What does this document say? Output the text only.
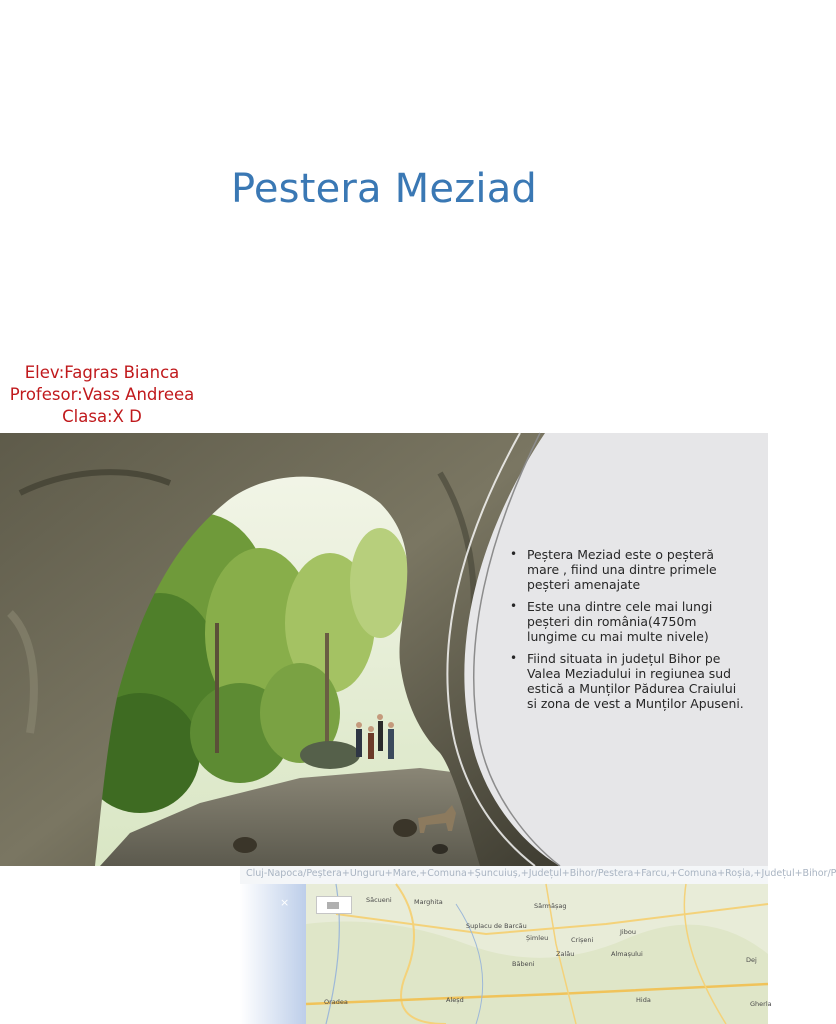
Pestera Meziad
Elev:Fagras Bianca
Profesor:Vass Andreea
Clasa:X D
• Peștera Meziad este o peșteră mare , fiind una dintre primele peșteri amenajate
• Este una dintre cele mai lungi peșteri din românia(4750m lungime cu mai multe nivele)
• Fiind situata in județul Bihor pe Valea Meziadului in regiunea sud estică a Munților Pădurea Craiului si zona de vest a Munților Apuseni.
Cluj-Napoca/Peștera+Unguru+Mare,+Comuna+Șuncuiuș,+Județul+Bihor/Pestera+Farcu,+Comuna+Roșia,+Județul+Bihor/P
×	Săcueni	Marghita	Sărmășag
Suplacu de Barcău
Șimleu	Crișeni
Zalău
Jibou
Almașului
Dej
Băbeni
Oradea	Aleșd	Hida	Gherla
